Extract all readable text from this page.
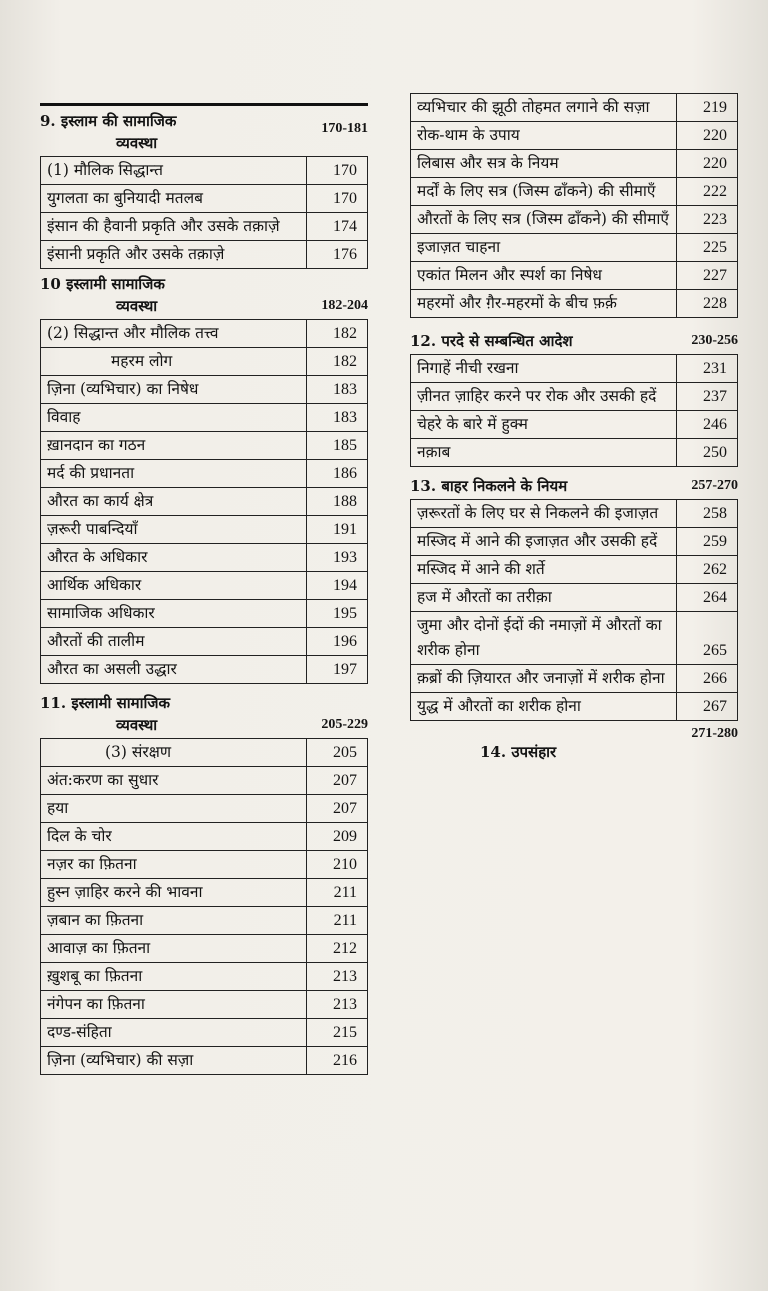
9. इस्लाम की सामाजिक
व्यवस्था
170-181
(1) मौलिक सिद्धान्त	170
युगलता का बुनियादी मतलब	170
इंसान की हैवानी प्रकृति और उसके तक़ाज़े	174
इंसानी प्रकृति और उसके तक़ाज़े	176
10 इस्लामी सामाजिक
व्यवस्था	182-204
(2) सिद्धान्त और मौलिक तत्त्व	182
महरम लोग	182
ज़िना (व्यभिचार) का निषेध	183
विवाह	183
ख़ानदान का गठन	185
मर्द की प्रधानता	186
औरत का कार्य क्षेत्र	188
ज़रूरी पाबन्दियाँ	191
औरत के अधिकार	193
आर्थिक अधिकार	194
सामाजिक अधिकार	195
औरतों की तालीम	196
औरत का असली उद्धार	197
11. इस्लामी सामाजिक
व्यवस्था	205-229
(3) संरक्षण	205
अंत:करण का सुधार	207
हया	207
दिल के चोर	209
नज़र का फ़ितना	210
हुस्न ज़ाहिर करने की भावना	211
ज़बान का फ़ितना	211
आवाज़ का फ़ितना	212
ख़ुशबू का फ़ितना	213
नंगेपन का फ़ितना	213
दण्ड-संहिता	215
ज़िना (व्यभिचार) की सज़ा	216
व्यभिचार की झूठी तोहमत लगाने की सज़ा	219
रोक-थाम के उपाय	220
लिबास और सत्र के नियम	220
मर्दों के लिए सत्र (जिस्म ढाँकने) की सीमाएँ	222
औरतों के लिए सत्र (जिस्म ढाँकने) की सीमाएँ	223
इजाज़त चाहना	225
एकांत मिलन और स्पर्श का निषेध	227
महरमों और ग़ैर-महरमों के बीच फ़र्क़	228
12. परदे से सम्बन्धित आदेश	230-256
निगाहें नीची रखना	231
ज़ीनत ज़ाहिर करने पर रोक और उसकी हदें	237
चेहरे के बारे में हुक्म	246
नक़ाब	250
13. बाहर निकलने के नियम	257-270
ज़रूरतों के लिए घर से निकलने की इजाज़त	258
मस्जिद में आने की इजाज़त और उसकी हदें	259
मस्जिद में आने की शर्ते	262
हज में औरतों का तरीक़ा	264
जुमा और दोनों ईदों की नमाज़ों में औरतों का शरीक होना	265
क़ब्रों की ज़ियारत और जनाज़ों में शरीक होना	266
युद्ध में औरतों का शरीक होना	267
271-280
14. उपसंहार
